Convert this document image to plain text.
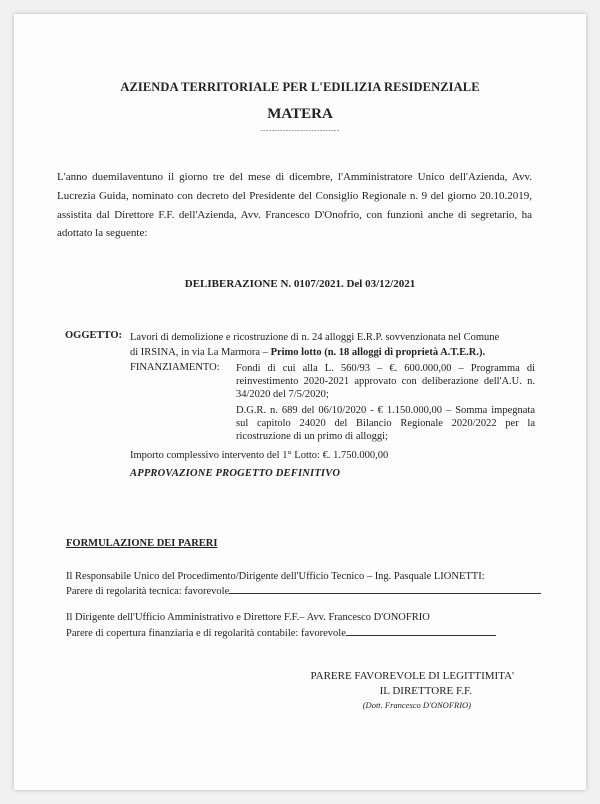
AZIENDA TERRITORIALE PER L'EDILIZIA RESIDENZIALE
MATERA
----------------------------
L'anno duemilaventuno il giorno tre del mese di dicembre, l'Amministratore Unico dell'Azienda, Avv. Lucrezia Guida, nominato con decreto del Presidente del Consiglio Regionale n. 9 del giorno 20.10.2019, assistita dal Direttore F.F. dell'Azienda, Avv. Francesco D'Onofrio, con funzioni anche di segretario, ha adottato la seguente:
DELIBERAZIONE N. 0107/2021. Del 03/12/2021
OGGETTO: Lavori di demolizione e ricostruzione di n. 24 alloggi E.R.P. sovvenzionata nel Comune
di IRSINA, in via La Marmora – Primo lotto (n. 18 alloggi di proprietà A.T.E.R.).
FINANZIAMENTO: Fondi di cui alla L. 560/93 – €. 600.000,00 – Programma di reinvestimento 2020-2021 approvato con deliberazione dell'A.U. n. 34/2020 del 7/5/2020;
D.G.R. n. 689 del 06/10/2020 - € 1.150.000,00 – Somma impegnata sul capitolo 24020 del Bilancio Regionale 2020/2022 per la ricostruzione di un primo di alloggi;
Importo complessivo intervento del 1° Lotto: €. 1.750.000,00
APPROVAZIONE PROGETTO DEFINITIVO
FORMULAZIONE DEI PARERI
Il Responsabile Unico del Procedimento/Dirigente dell'Ufficio Tecnico – Ing. Pasquale LIONETTI:
Parere di regolarità tecnica: favorevole
Il Dirigente dell'Ufficio Amministrativo e Direttore F.F.– Avv. Francesco D'ONOFRIO
Parere di copertura finanziaria e di regolarità contabile: favorevole
PARERE FAVOREVOLE DI LEGITTIMITA'
IL DIRETTORE F.F.
(Dott. Francesco D'ONOFRIO)
